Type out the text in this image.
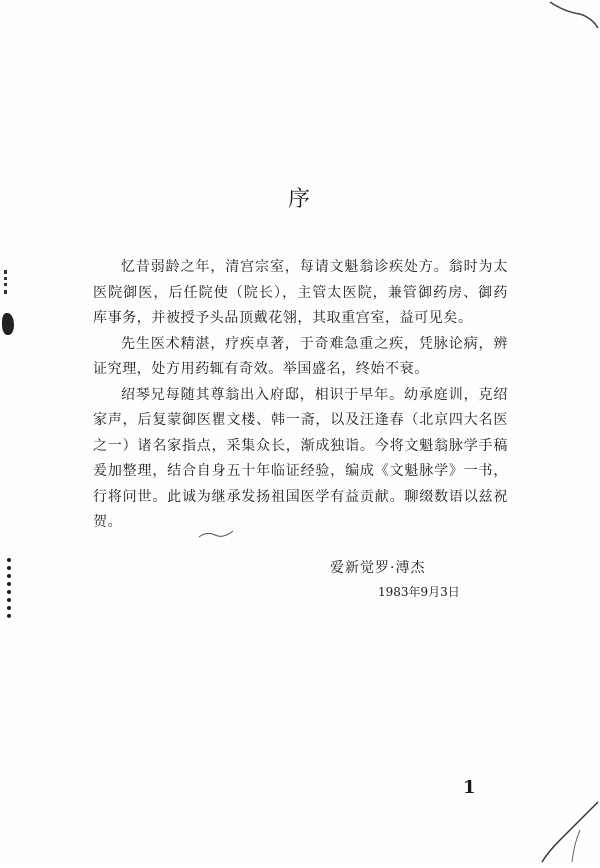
序

忆昔弱龄之年，清宫宗室，每请文魁翁诊疾处方。翁时为太医院御医，后任院使（院长），主管太医院，兼管御药房、御药库事务，并被授予头品顶戴花翎，其取重宫室，益可见矣。

先生医术精湛，疗疾卓著，于奇难急重之疾，凭脉论病，辨证究理，处方用药辄有奇效。举国盛名，终始不衰。

绍琴兄每随其尊翁出入府邸，相识于早年。幼承庭训，克绍家声，后复蒙御医瞿文楼、韩一斋，以及汪逢春（北京四大名医之一）诸名家指点，采集众长，渐成独诣。今将文魁翁脉学手稿爰加整理，结合自身五十年临证经验，编成《文魁脉学》一书，行将问世。此诚为继承发扬祖国医学有益贡献。聊缀数语以兹祝贺。

爱新觉罗·溥杰
1983年9月3日
1
